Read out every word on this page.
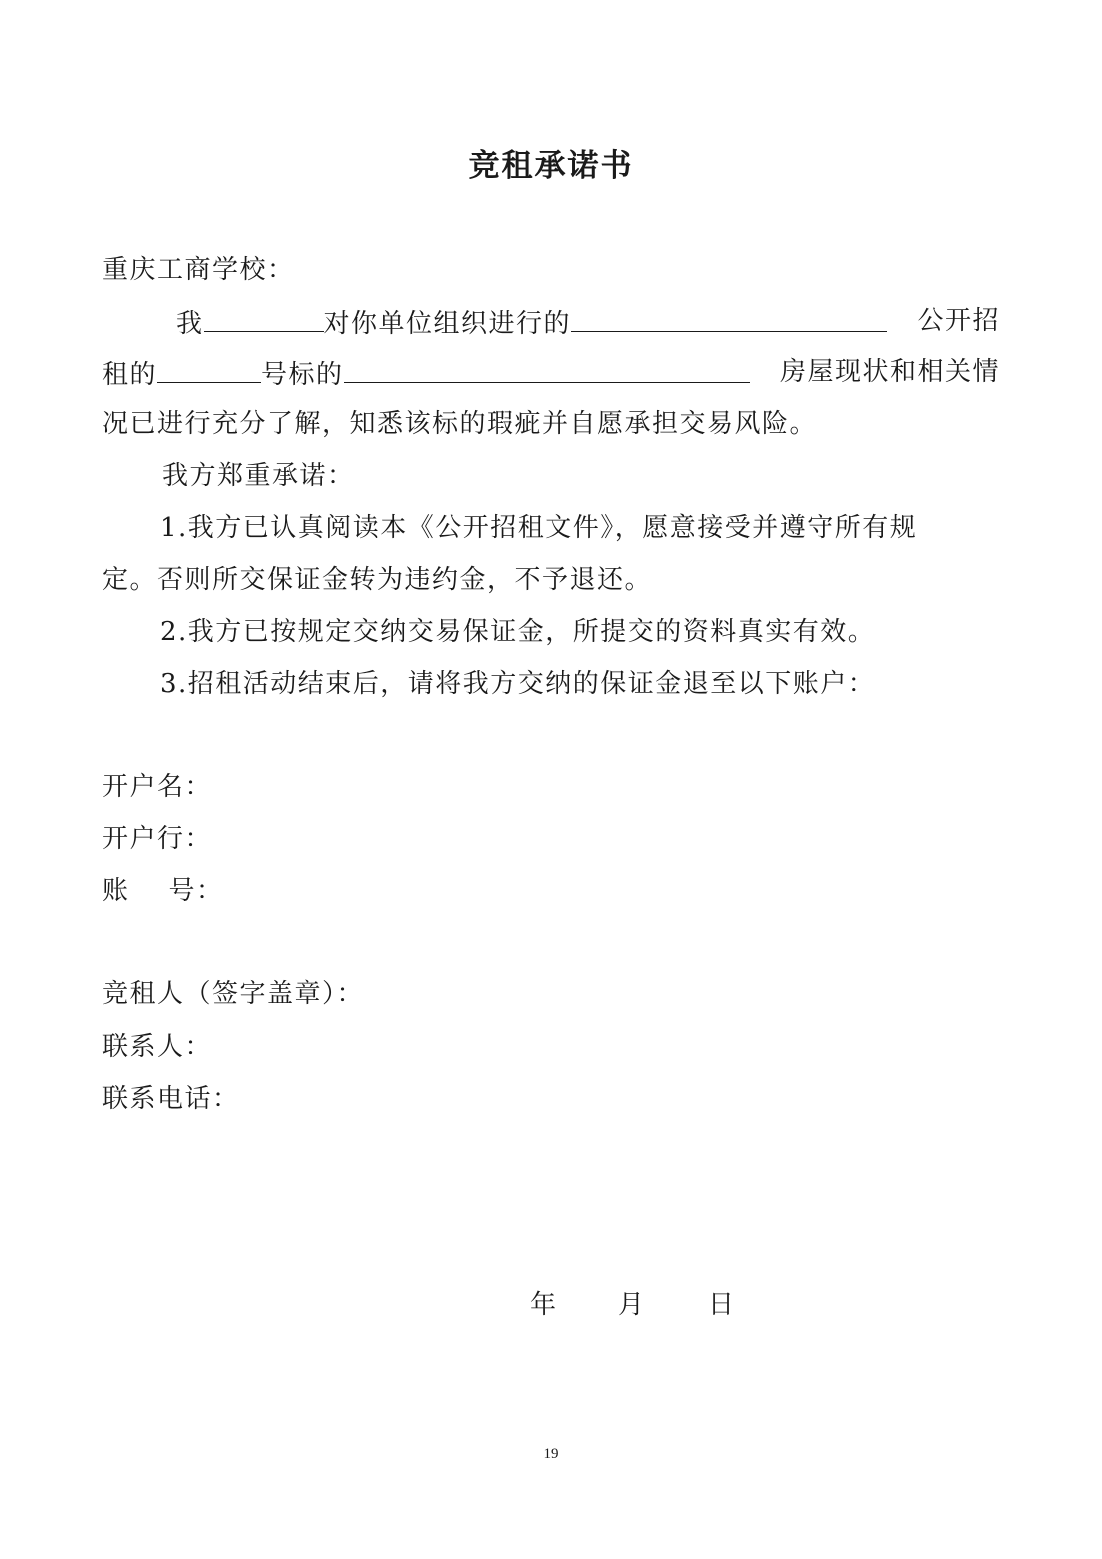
竞租承诺书
重庆工商学校：
我	对你单位组织进行的	公开招
租的	号标的	房屋现状和相关情
况已进行充分了解，知悉该标的瑕疵并自愿承担交易风险。
我方郑重承诺：
1.我方已认真阅读本《公开招租文件》，愿意接受并遵守所有规
定。否则所交保证金转为违约金，不予退还。
2.我方已按规定交纳交易保证金，所提交的资料真实有效。
3.招租活动结束后，请将我方交纳的保证金退至以下账户：
开户名：
开户行：
账    号：
竞租人（签字盖章）：
联系人：
联系电话：
年 月 日
19
